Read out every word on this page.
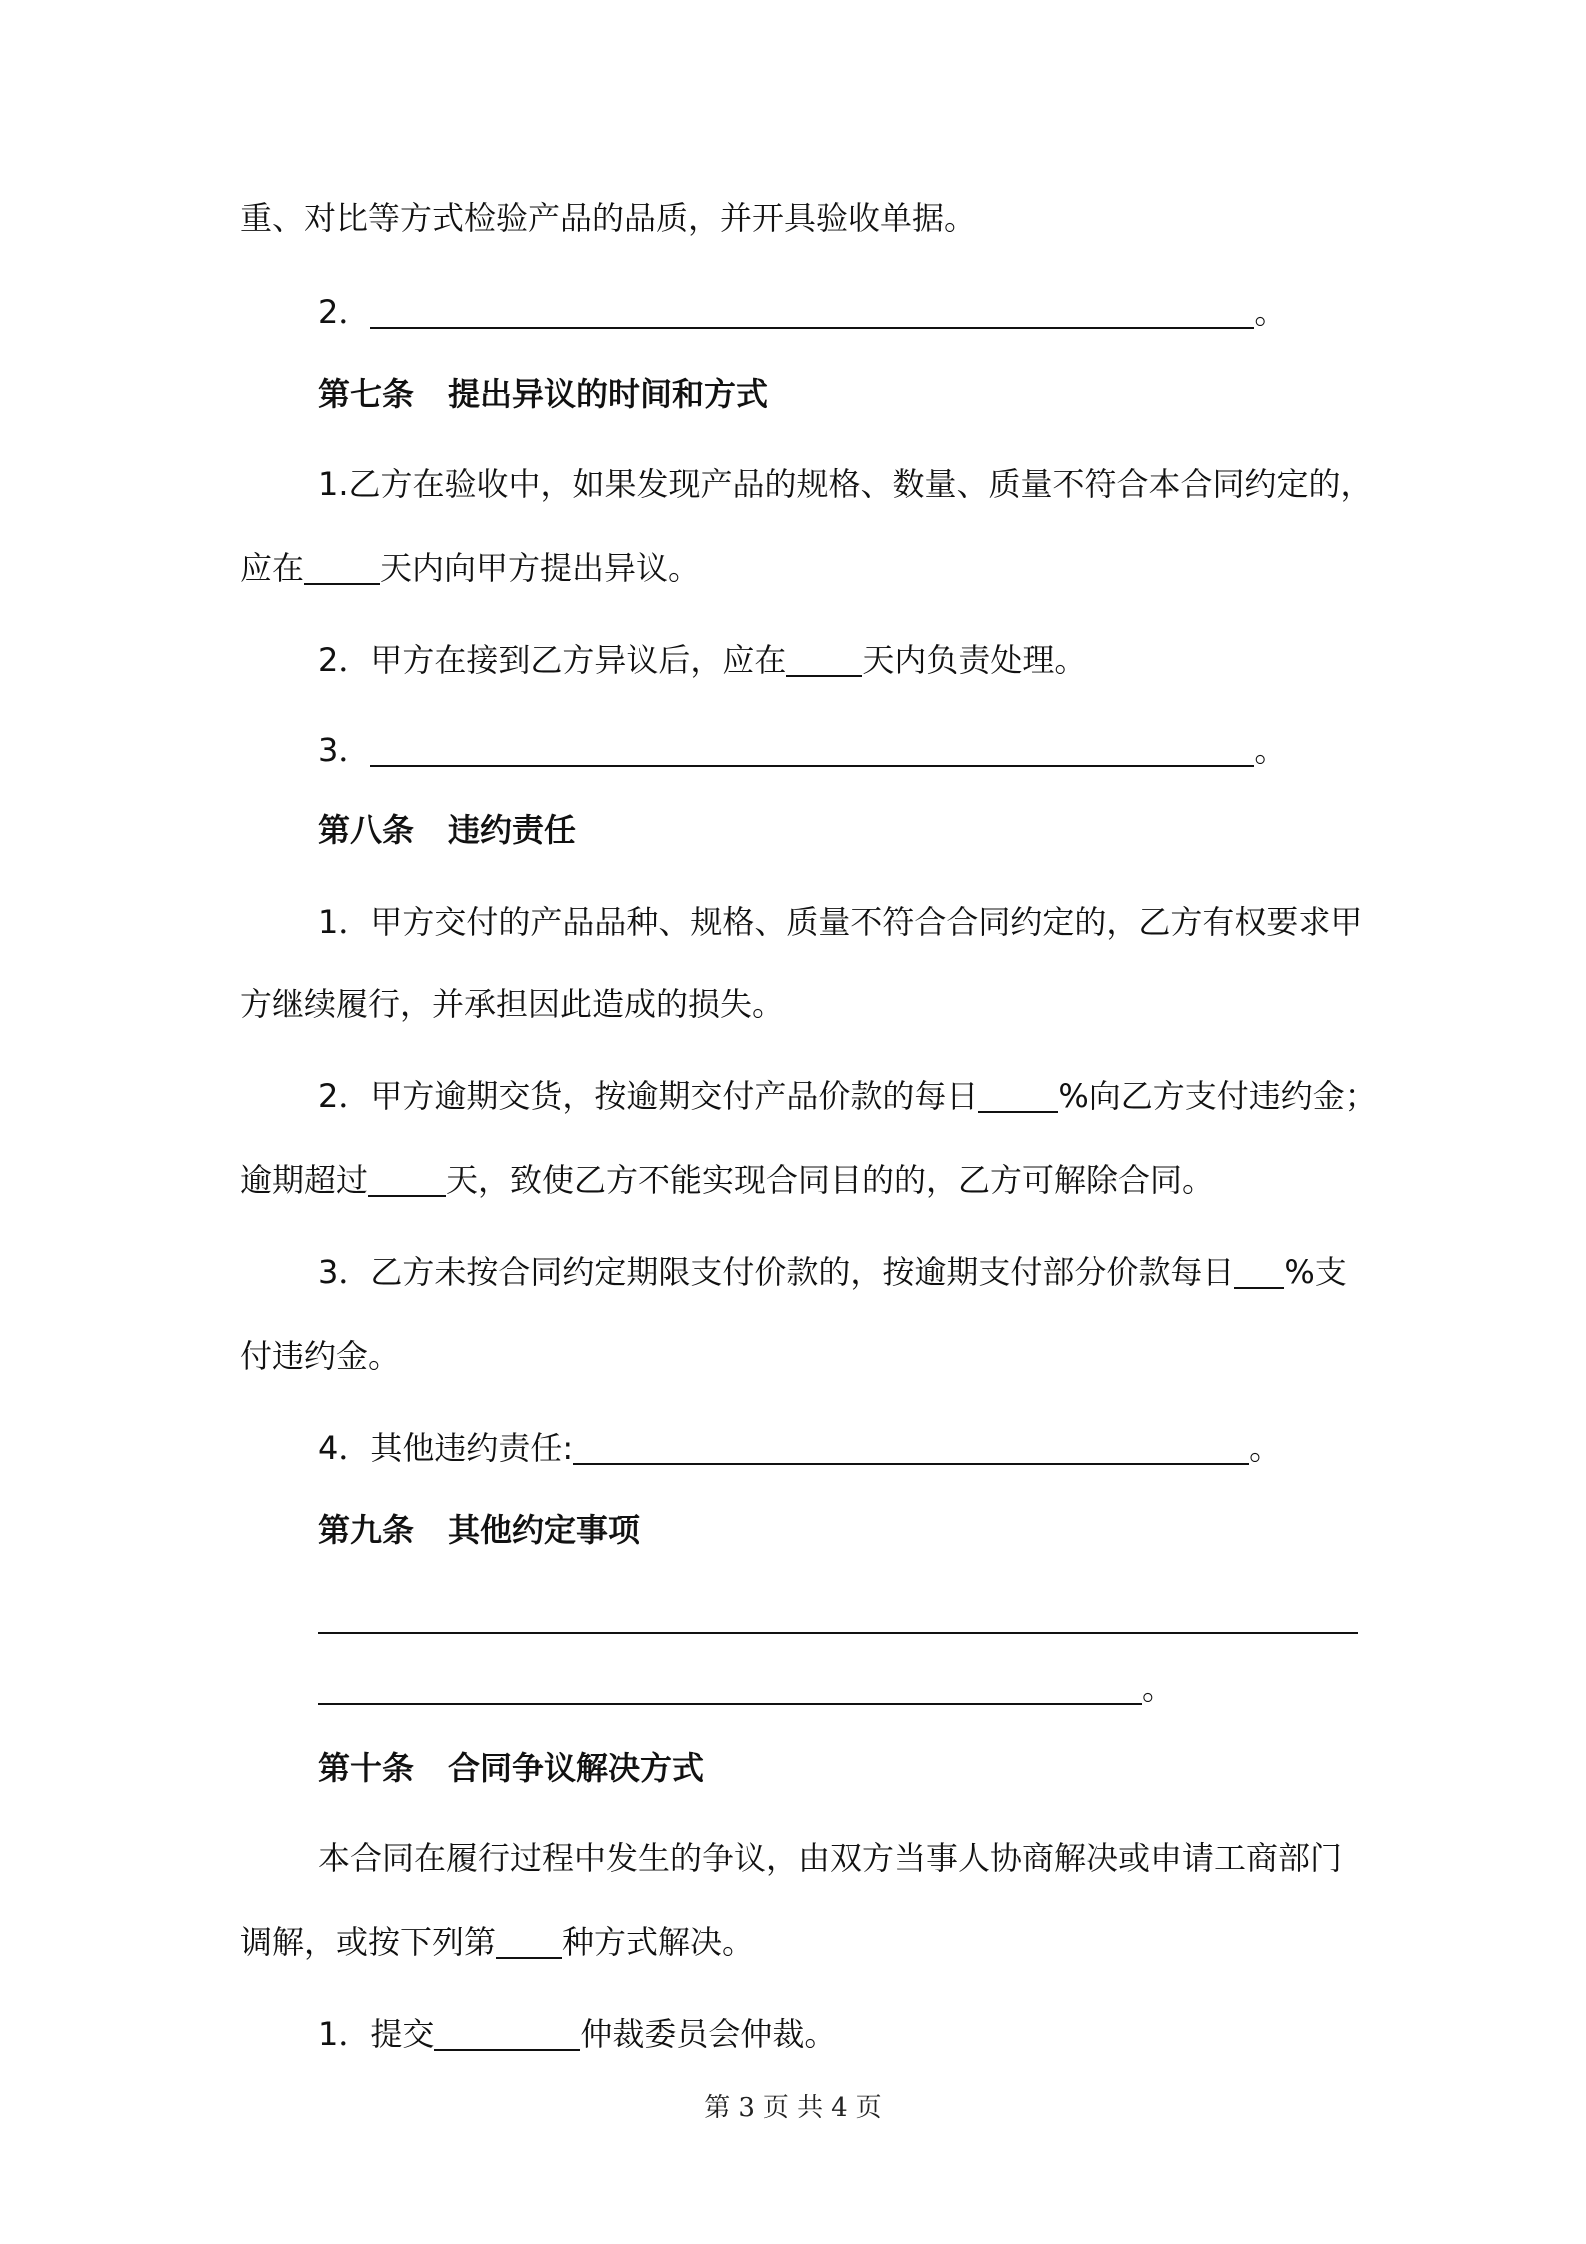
重、对比等方式检验产品的品质，并开具验收单据。
2．	。
第七条 提出异议的时间和方式
1.乙方在验收中，如果发现产品的规格、数量、质量不符合本合同约定的，
应在 天内向甲方提出异议。
2．甲方在接到乙方异议后，应在 天内负责处理。
3．	。
第八条 违约责任
1．甲方交付的产品品种、规格、质量不符合合同约定的，乙方有权要求甲
方继续履行，并承担因此造成的损失。
2．甲方逾期交货，按逾期交付产品价款的每日	%向乙方支付违约金；
逾期超过 天，致使乙方不能实现合同目的的，乙方可解除合同。
3．乙方未按合同约定期限支付价款的，按逾期支付部分价款每日 %支
付违约金。
4．其他违约责任:	。
第九条 其他约定事项
。
第十条 合同争议解决方式
本合同在履行过程中发生的争议，由双方当事人协商解决或申请工商部门
调解，或按下列第 种方式解决。
1．提交	仲裁委员会仲裁。
第 3 页 共 4 页
